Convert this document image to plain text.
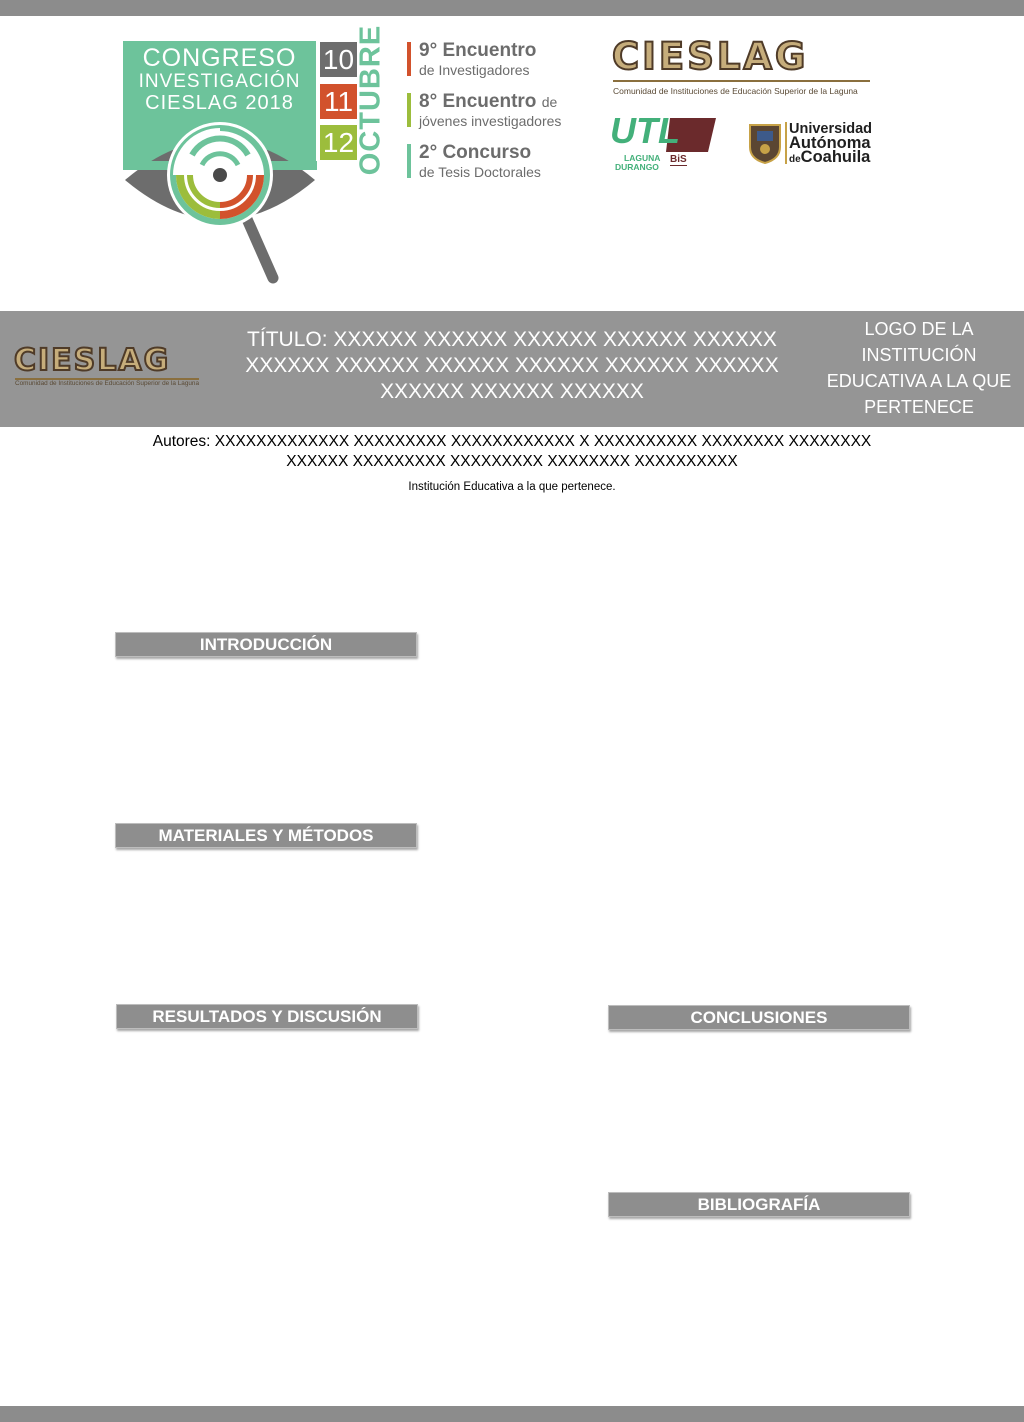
CONGRESO
INVESTIGACIÓN
CIESLAG 2018
10
11
12 OCTUBRE 9° Encuentro
de Investigadores
8° Encuentro de
jóvenes investigadores
2° Concurso
de Tesis Doctorales
CIESLAG
Comunidad de Instituciones de Educación Superior de la Laguna
UTL
LAGUNA
DURANGO
BiS
Universidad
Autónoma
deCoahuila
CIESLAG
Comunidad de Instituciones de Educación Superior de la Laguna
TÍTULO: XXXXXX XXXXXX XXXXXX XXXXXX XXXXXX XXXXXX XXXXXX XXXXXX XXXXXX XXXXXX XXXXXX XXXXXX XXXXXX XXXXXX
LOGO DE LA INSTITUCIÓN EDUCATIVA A LA QUE PERTENECE
Autores: XXXXXXXXXXXXX XXXXXXXXX XXXXXXXXXXXX X XXXXXXXXXX XXXXXXXX XXXXXXXX XXXXXX XXXXXXXXX XXXXXXXXX XXXXXXXX XXXXXXXXXX
Institución Educativa a la que pertenece.
INTRODUCCIÓN
MATERIALES Y MÉTODOS
RESULTADOS Y DISCUSIÓN	CONCLUSIONES
BIBLIOGRAFÍA
